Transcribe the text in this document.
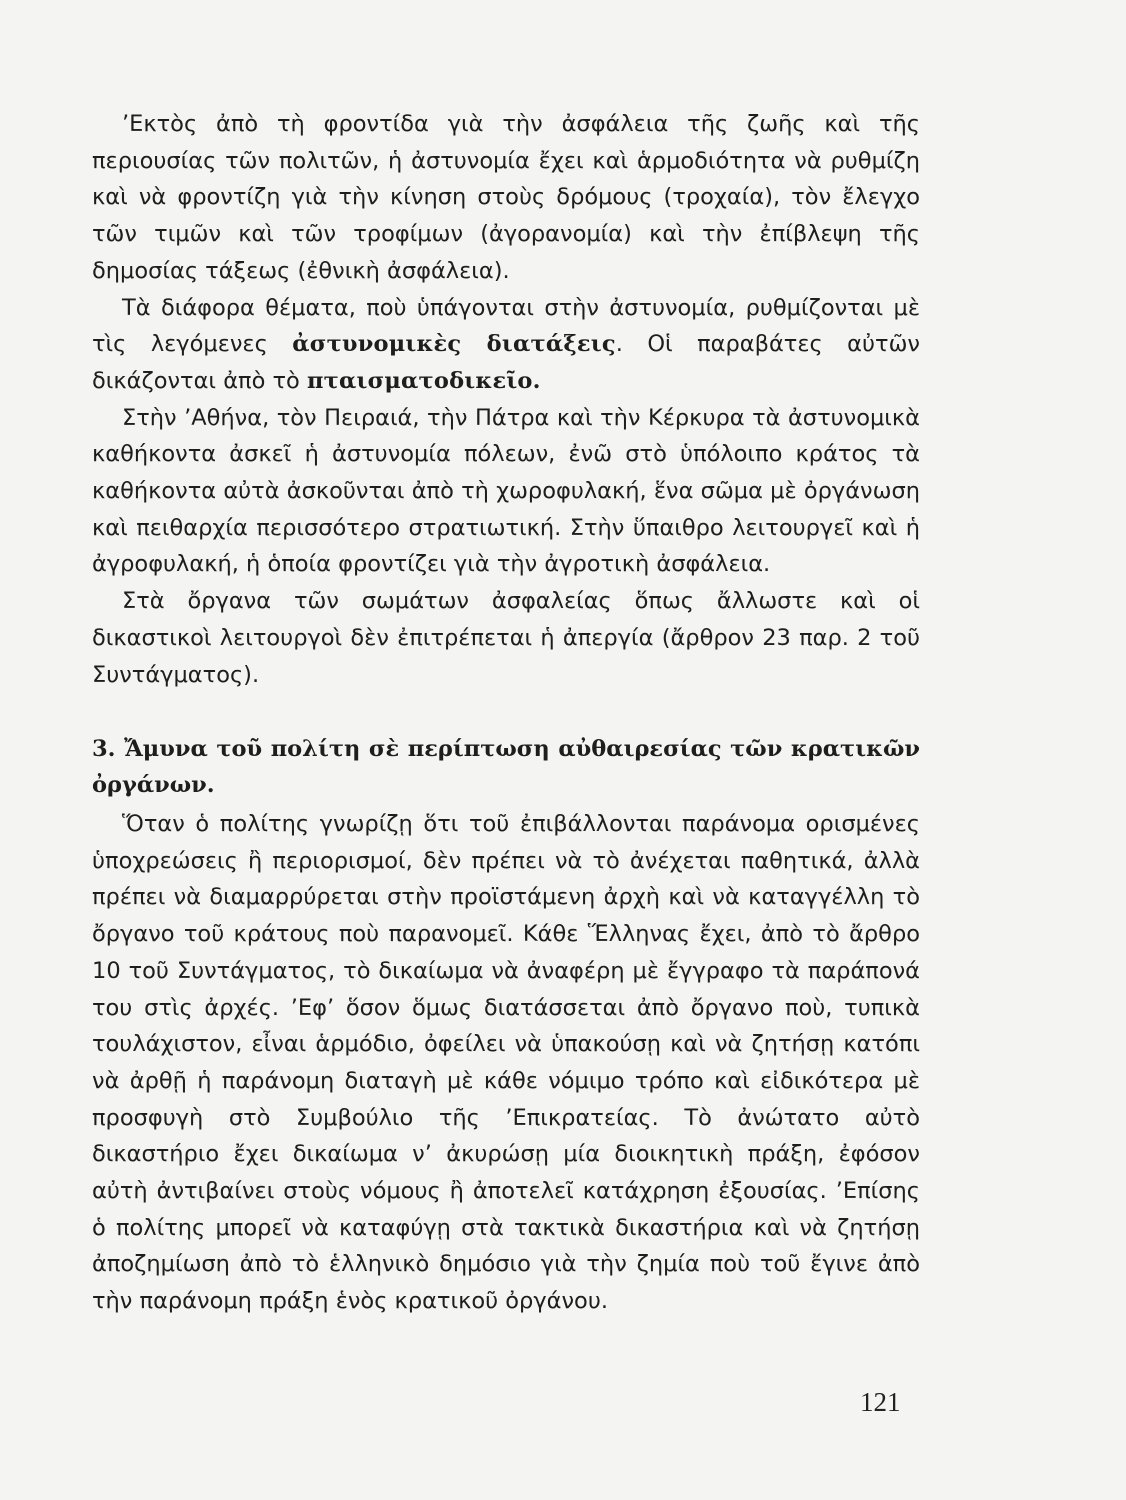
’Εκτὸς ἀπὸ τὴ φροντίδα γιὰ τὴν ἀσφάλεια τῆς ζωῆς καὶ τῆς περιουσίας τῶν πολιτῶν, ἡ ἀστυνομία ἔχει καὶ ἁρμοδιότητα νὰ ρυθμίζη καὶ νὰ φροντίζη γιὰ τὴν κίνηση στοὺς δρόμους (τροχαία), τὸν ἔλεγχο τῶν τιμῶν καὶ τῶν τροφίμων (ἀγορανομία) καὶ τὴν ἐπίβλεψη τῆς δημοσίας τάξεως (ἐθνικὴ ἀσφάλεια).

Τὰ διάφορα θέματα, ποὺ ὑπάγονται στὴν ἀστυνομία, ρυθμίζονται μὲ τὶς λεγόμενες ἀστυνομικὲς διατάξεις. Οἱ παραβάτες αὐτῶν δικάζονται ἀπὸ τὸ πταισματοδικεῖο.

Στὴν ’Αθήνα, τὸν Πειραιά, τὴν Πάτρα καὶ τὴν Κέρκυρα τὰ ἀστυνομικὰ καθήκοντα ἀσκεῖ ἡ ἀστυνομία πόλεων, ἐνῶ στὸ ὑπόλοιπο κράτος τὰ καθήκοντα αὐτὰ ἀσκοῦνται ἀπὸ τὴ χωροφυλακή, ἕνα σῶμα μὲ ὀργάνωση καὶ πειθαρχία περισσότερο στρατιωτική. Στὴν ὕπαιθρο λειτουργεῖ καὶ ἡ ἀγροφυλακή, ἡ ὁποία φροντίζει γιὰ τὴν ἀγροτικὴ ἀσφάλεια.

Στὰ ὄργανα τῶν σωμάτων ἀσφαλείας ὅπως ἄλλωστε καὶ οἱ δικαστικοὶ λειτουργοὶ δὲν ἐπιτρέπεται ἡ ἀπεργία (ἄρθρον 23 παρ. 2 τοῦ Συντάγματος).

3. Ἄμυνα τοῦ πολίτη σὲ περίπτωση αὐθαιρεσίας τῶν κρατικῶν ὀργάνων.

Ὅταν ὁ πολίτης γνωρίζῃ ὅτι τοῦ ἐπιβάλλονται παράνομα ορισμένες ὑποχρεώσεις ἢ περιορισμοί, δὲν πρέπει νὰ τὸ ἀνέχεται παθητικά, ἀλλὰ πρέπει νὰ διαμαρρύρεται στὴν προϊστάμενη ἀρχὴ καὶ νὰ καταγγέλλη τὸ ὄργανο τοῦ κράτους ποὺ παρανομεῖ. Κάθε Ἕλληνας ἔχει, ἀπὸ τὸ ἄρθρο 10 τοῦ Συντάγματος, τὸ δικαίωμα νὰ ἀναφέρη μὲ ἔγγραφο τὰ παράπονά του στὶς ἀρχές. ’Εφ’ ὅσον ὅμως διατάσσεται ἀπὸ ὄργανο ποὺ, τυπικὰ τουλάχιστον, εἶναι ἁρμόδιο, ὀφείλει νὰ ὑπακούσῃ καὶ νὰ ζητήσῃ κατόπι νὰ ἀρθῇ ἡ παράνομη διαταγὴ μὲ κάθε νόμιμο τρόπο καὶ εἰδικότερα μὲ προσφυγὴ στὸ Συμβούλιο τῆς ’Επικρατείας. Τὸ ἀνώτατο αὐτὸ δικαστήριο ἔχει δικαίωμα ν’ ἀκυρώσῃ μία διοικητικὴ πράξη, ἐφόσον αὐτὴ ἀντιβαίνει στοὺς νόμους ἢ ἀποτελεῖ κατάχρηση ἐξουσίας. ’Επίσης ὁ πολίτης μπορεῖ νὰ καταφύγῃ στὰ τακτικὰ δικαστήρια καὶ νὰ ζητήσῃ ἀποζημίωση ἀπὸ τὸ ἑλληνικὸ δημόσιο γιὰ τὴν ζημία ποὺ τοῦ ἔγινε ἀπὸ τὴν παράνομη πράξη ἑνὸς κρατικοῦ ὀργάνου.

121
